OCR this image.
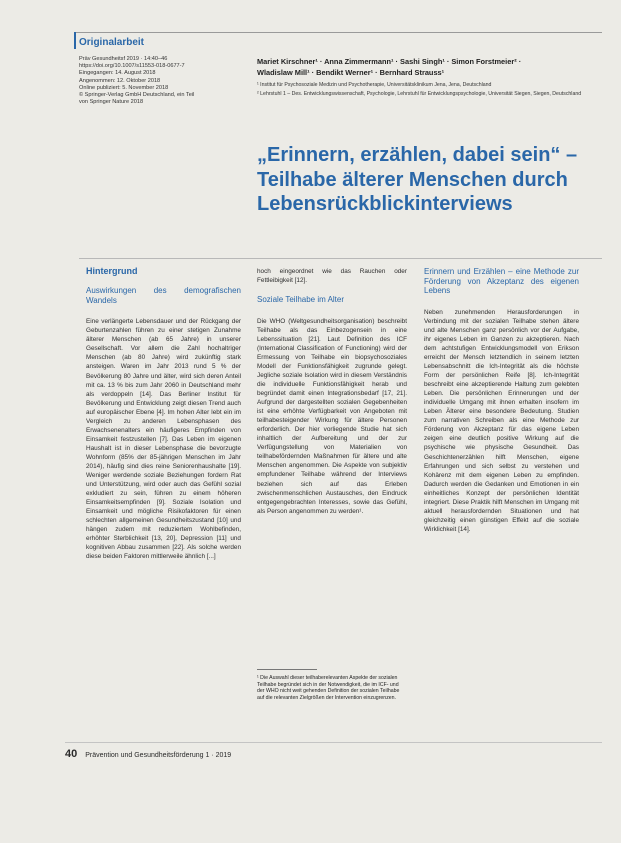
Originalarbeit
Präv Gesundheitsf 2019 · 14:40–46
https://doi.org/10.1007/s11553-018-0677-7
Eingegangen: 14. August 2018
Angenommen: 12. Oktober 2018
Online publiziert: 5. November 2018
© Springer-Verlag GmbH Deutschland, ein Teil
von Springer Nature 2018
Mariet Kirschner¹ · Anna Zimmermann¹ · Sashi Singh¹ · Simon Forstmeier² ·
Wladislaw Mill¹ · Bendikt Werner¹ · Bernhard Strauss¹
¹ Institut für Psychosoziale Medizin und Psychotherapie, Universitätsklinikum Jena, Jena, Deutschland
² Lehrstuhl 1 – Des. Entwicklungswissenschaft, Psychologie, Lehrstuhl für Entwicklungspsychologie, Universität Siegen, Siegen, Deutschland
„Erinnern, erzählen, dabei sein“ – Teilhabe älterer Menschen durch Lebensrückblickinterviews
Hintergrund
Auswirkungen des demografischen Wandels

Eine verlängerte Lebensdauer und der Rückgang der Geburtenzahlen führen zu einer stetigen Zunahme älterer Menschen (ab 65 Jahre) in unserer Gesellschaft. Vor allem die Zahl hochaltriger Menschen (ab 80 Jahre) wird zukünftig stark ansteigen. Waren im Jahr 2013 rund 5 % der Bevölkerung 80 Jahre und älter, wird sich deren Anteil mit ca. 13 % bis zum Jahr 2060 in Deutschland mehr als verdoppeln [14]. Das Berliner Institut für Bevölkerung und Entwicklung zeigt diesen Trend auch auf europäischer Ebene [4]. Im hohen Alter lebt ein im Vergleich zu anderen Lebensphasen des Erwachsenenalters ein häufigeres Empfinden von Einsamkeit festzustellen [7]. Das Leben im eigenen Haushalt ist in dieser Lebensphase die bevorzugte Wohnform (85% der 85-jährigen Menschen im Jahr 2014), häufig sind dies reine Seniorenhaushalte [19]. Weniger werdende soziale Beziehungen fordern Rat und Unterstützung, wird oder auch das Gefühl sozial exkludiert zu sein, führen zu einem höheren Einsamkeitsempfinden [9]. Soziale Isolation und Einsamkeit und mögliche Risikofaktoren für einen schlechten allgemeinen Gesundheitszustand [10] und hängen zudem mit reduziertem Wohlbefinden, erhöhter Sterblichkeit [13, 20], Depression [11] und kognitiven Abbau zusammen [22]. Als solche werden diese beiden Faktoren mittlerweile ähnlich [...]

hoch eingeordnet wie das Rauchen oder Fettleibigkeit [12].

Soziale Teilhabe im Alter

Die WHO (Weltgesundheitsorganisation) beschreibt Teilhabe als das Einbezogensein in eine Lebenssituation [21]. Laut Definition des ICF (International Classification of Functioning) wird der Ermessung von Teilhabe ein biopsychosoziales Modell der Funktionsfähigkeit zugrunde gelegt. Jegliche soziale Isolation wird in diesem Verständnis die individuelle Funktionsfähigkeit herab und begründet damit einen Integrationsbedarf [17, 21]. Aufgrund der dargestellten sozialen Gegebenheiten ist eine erhöhte Verfügbarkeit von Angeboten mit teilhabesteigender Wirkung für ältere Personen erforderlich. Der hier vorliegende Studie hat sich inhaltlich der Aufbereitung und der zur Verfügungstellung von Materialien von teilhabefördernden Maßnahmen für ältere und alte Menschen angenommen. Die Aspekte von subjektiv empfundener Teilhabe während der Interviews beziehen sich auf das Erleben zwischenmenschlichen Austausches, den Eindruck entgegengebrachten Interesses, sowie das Gefühl, als Person angenommen zu werden¹.

¹ Die Auswahl dieser teilhaberelevanten Aspekte der sozialen Teilhabe begründet sich in der Notwendigkeit, die im ICF- und der WHO nicht weit gehenden Definition der sozialen Teilhabe auf die relevanten Zielgrößen der Intervention einzugrenzen.
Erinnern und Erzählen – eine Methode zur Förderung von Akzeptanz des eigenen Lebens

Neben zunehmenden Herausforderungen in Verbindung mit der sozialen Teilhabe stehen ältere und alte Menschen ganz persönlich vor der Aufgabe, ihr eigenes Leben im Ganzen zu akzeptieren. Nach dem achtstufigen Entwicklungsmodell von Erikson erreicht der Mensch letztendlich in seinem letzten Lebensabschnitt die Ich-Integrität als die höchste Form der persönlichen Reife [8]. Ich-Integrität beschreibt eine akzeptierende Haltung zum gelebten Leben. Die persönlichen Erinnerungen und der individuelle Umgang mit ihnen erhalten insofern im Leben Älterer eine besondere Bedeutung. Studien zum narrativen Schreiben als eine Methode zur Förderung von Akzeptanz für das eigene Leben zeigen eine deutlich positive Wirkung auf die psychische wie physische Gesundheit. Das Geschichtenerzählen hilft Menschen, eigene Erfahrungen und sich selbst zu verstehen und Kohärenz mit dem eigenen Leben zu empfinden. Dadurch werden die Gedanken und Emotionen in ein einheitliches Konzept der persönlichen Identität integriert. Diese Praktik hilft Menschen im Umgang mit aktuell herausfordernden Situationen und hat gleichzeitig einen günstigen Effekt auf die soziale Wirklichkeit [14].

40 Prävention und Gesundheitsförderung 1 · 2019
